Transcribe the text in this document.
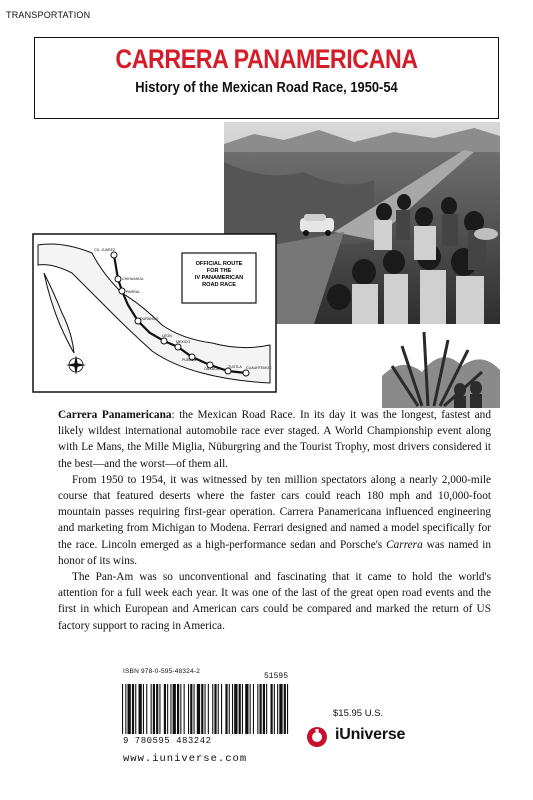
TRANSPORTATION
CARRERA PANAMERICANA
History of the Mexican Road Race, 1950-54
OFFICIAL ROUTE
FOR THE
IV PANAMERICAN
ROAD RACE
CD. JUAREZ
CHIHUAHUA
PARRAL
DURANGO
LEON
MEXICO
PUEBLA
OAXACA	TUXTLA CUAUHTEMOC

Carrera Panamericana: the Mexican Road Race. In its day it was the longest, fastest and likely wildest international automobile race ever staged. A World Championship event along with Le Mans, the Mille Miglia, Nüburgring and the Tourist Trophy, most drivers considered it the best—and the worst—of them all.

From 1950 to 1954, it was witnessed by ten million spectators along a nearly 2,000-mile course that featured deserts where the faster cars could reach 180 mph and 10,000-foot mountain passes requiring first-gear operation. Carrera Panamericana influenced engineering and marketing from Michigan to Modena. Ferrari designed and named a model specifically for the race. Lincoln emerged as a high-performance sedan and Porsche's Carrera was named in honor of its wins.

The Pan-Am was so unconventional and fascinating that it came to hold the world's attention for a full week each year. It was one of the last of the great open road events and the first in which European and American cars could be compared and marked the return of US factory support to racing in America.

ISBN 978-0-595-48324-2
51595
9 780595 483242
www.iuniverse.com
$15.95 U.S.
iUniverse
